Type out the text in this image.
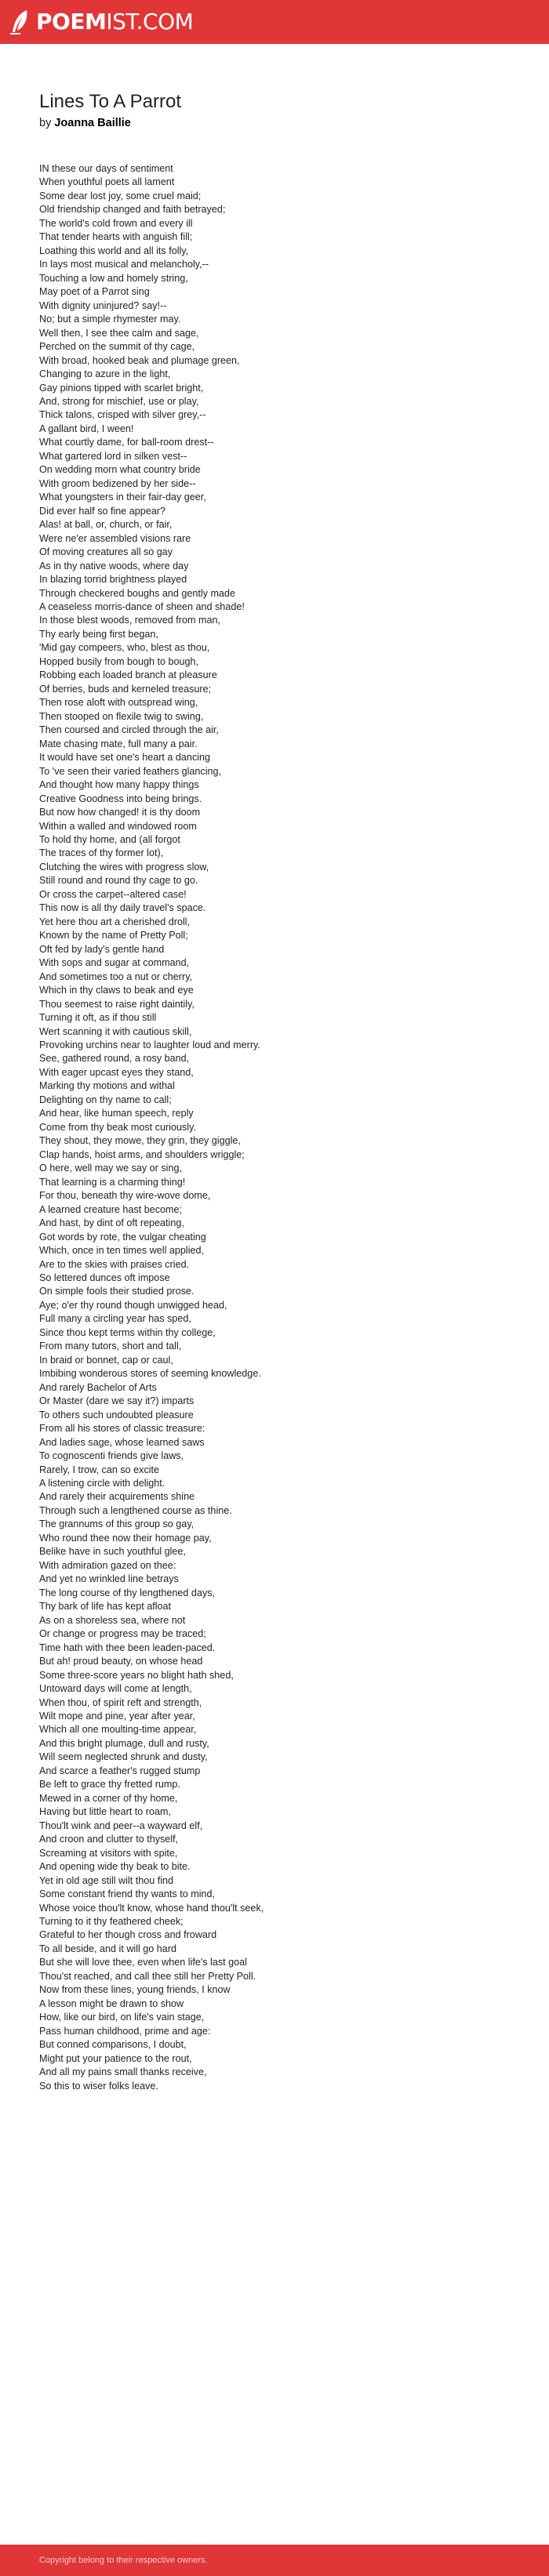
POEMIST.COM
Lines To A Parrot
by Joanna Baillie
IN these our days of sentiment
When youthful poets all lament
Some dear lost joy, some cruel maid;
Old friendship changed and faith betrayed;
The world's cold frown and every ill
That tender hearts with anguish fill;
Loathing this world and all its folly,
In lays most musical and melancholy,--
Touching a low and homely string,
May poet of a Parrot sing
With dignity uninjured? say!--
No; but a simple rhymester may.
Well then, I see thee calm and sage,
Perched on the summit of thy cage,
With broad, hooked beak and plumage green,
Changing to azure in the light,
Gay pinions tipped with scarlet bright,
And, strong for mischief, use or play,
Thick talons, crisped with silver grey,--
A gallant bird, I ween!
What courtly dame, for ball-room drest--
What gartered lord in silken vest--
On wedding morn what country bride
With groom bedizened by her side--
What youngsters in their fair-day geer,
Did ever half so fine appear?
Alas! at ball, or, church, or fair,
Were ne'er assembled visions rare
Of moving creatures all so gay
As in thy native woods, where day
In blazing torrid brightness played
Through checkered boughs and gently made
A ceaseless morris-dance of sheen and shade!
In those blest woods, removed from man,
Thy early being first began,
'Mid gay compeers, who, blest as thou,
Hopped busily from bough to bough,
Robbing each loaded branch at pleasure
Of berries, buds and kerneled treasure;
Then rose aloft with outspread wing,
Then stooped on flexile twig to swing,
Then coursed and circled through the air,
Mate chasing mate, full many a pair.
It would have set one's heart a dancing
To 've seen their varied feathers glancing,
And thought how many happy things
Creative Goodness into being brings.
But now how changed! it is thy doom
Within a walled and windowed room
To hold thy home, and (all forgot
The traces of thy former lot),
Clutching the wires with progress slow,
Still round and round thy cage to go.
Or cross the carpet--altered case!
This now is all thy daily travel's space.
Yet here thou art a cherished droll,
Known by the name of Pretty Poll;
Oft fed by lady's gentle hand
With sops and sugar at command,
And sometimes too a nut or cherry,
Which in thy claws to beak and eye
Thou seemest to raise right daintily,
Turning it oft, as if thou still
Wert scanning it with cautious skill,
Provoking urchins near to laughter loud and merry.
See, gathered round, a rosy band,
With eager upcast eyes they stand,
Marking thy motions and withal
Delighting on thy name to call;
And hear, like human speech, reply
Come from thy beak most curiously.
They shout, they mowe, they grin, they giggle,
Clap hands, hoist arms, and shoulders wriggle;
O here, well may we say or sing,
That learning is a charming thing!
For thou, beneath thy wire-wove dome,
A learned creature hast become;
And hast, by dint of oft repeating,
Got words by rote, the vulgar cheating
Which, once in ten times well applied,
Are to the skies with praises cried.
So lettered dunces oft impose
On simple fools their studied prose.
Aye; o'er thy round though unwigged head,
Full many a circling year has sped,
Since thou kept terms within thy college,
From many tutors, short and tall,
In braid or bonnet, cap or caul,
Imbibing wonderous stores of seeming knowledge.
And rarely Bachelor of Arts
Or Master (dare we say it?) imparts
To others such undoubted pleasure
From all his stores of classic treasure:
And ladies sage, whose learned saws
To cognoscenti friends give laws,
Rarely, I trow, can so excite
A listening circle with delight.
And rarely their acquirements shine
Through such a lengthened course as thine.
The grannums of this group so gay,
Who round thee now their homage pay,
Belike have in such youthful glee,
With admiration gazed on thee:
And yet no wrinkled line betrays
The long course of thy lengthened days,
Thy bark of life has kept afloat
As on a shoreless sea, where not
Or change or progress may be traced;
Time hath with thee been leaden-paced.
But ah! proud beauty, on whose head
Some three-score years no blight hath shed,
Untoward days will come at length,
When thou, of spirit reft and strength,
Wilt mope and pine, year after year,
Which all one moulting-time appear,
And this bright plumage, dull and rusty,
Will seem neglected shrunk and dusty,
And scarce a feather's rugged stump
Be left to grace thy fretted rump.
Mewed in a corner of thy home,
Having but little heart to roam,
Thou'lt wink and peer--a wayward elf,
And croon and clutter to thyself,
Screaming at visitors with spite,
And opening wide thy beak to bite.
Yet in old age still wilt thou find
Some constant friend thy wants to mind,
Whose voice thou'lt know, whose hand thou'lt seek,
Turning to it thy feathered cheek;
Grateful to her though cross and froward
To all beside, and it will go hard
But she will love thee, even when life's last goal
Thou'st reached, and call thee still her Pretty Poll.
Now from these lines, young friends, I know
A lesson might be drawn to show
How, like our bird, on life's vain stage,
Pass human childhood, prime and age:
But conned comparisons, I doubt,
Might put your patience to the rout,
And all my pains small thanks receive,
So this to wiser folks leave.
Copyright belong to their respective owners.
